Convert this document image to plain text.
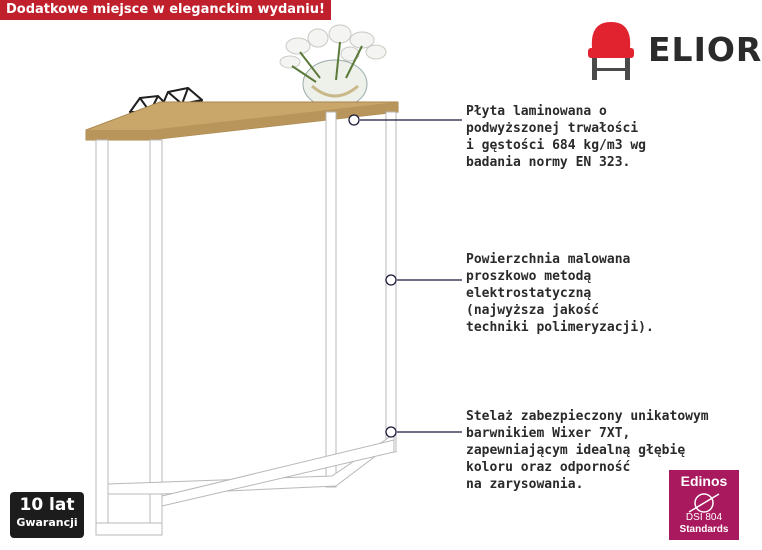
Dodatkowe miejsce w eleganckim wydaniu!
ELIOR
Płyta laminowana o
podwyższonej trwałości
i gęstości 684 kg/m3 wg
badania normy EN 323.
Powierzchnia malowana
proszkowo metodą
elektrostatyczną
(najwyższa jakość
techniki polimeryzacji).
Stelaż zabezpieczony unikatowym
barwnikiem Wixer 7XT,
zapewniającym idealną głębię
koloru oraz odporność
na zarysowania.
10 lat
Gwarancji
Edinos
DSI 804
Standards
